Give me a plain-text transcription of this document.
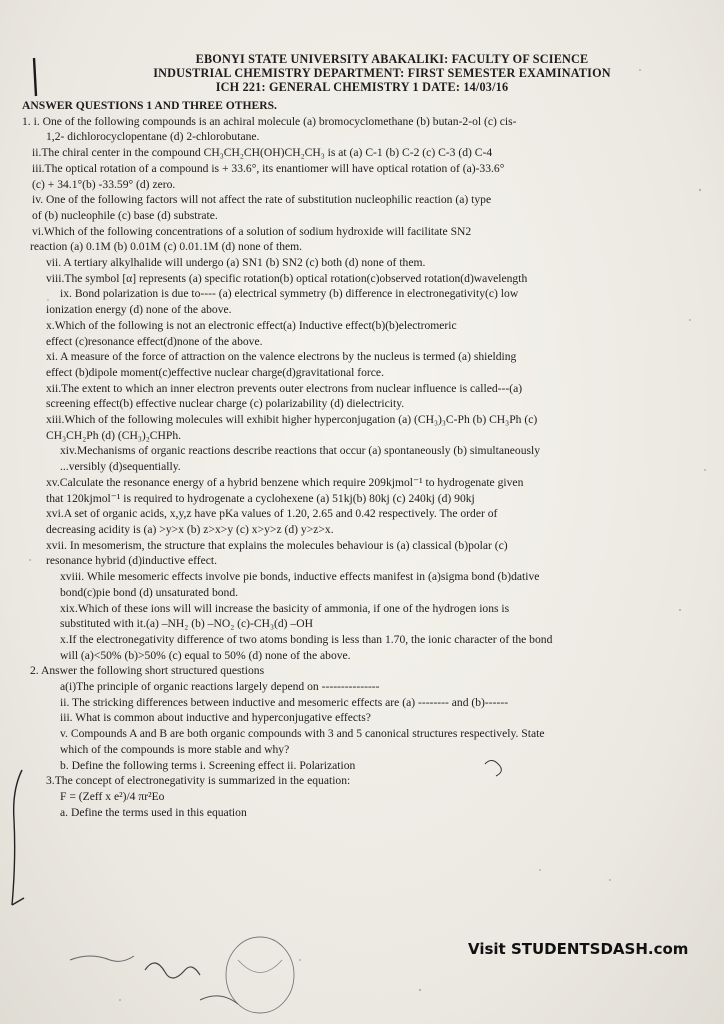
EBONYI STATE UNIVERSITY ABAKALIKI: FACULTY OF SCIENCE
INDUSTRIAL CHEMISTRY DEPARTMENT: FIRST SEMESTER EXAMINATION
ICH 221: GENERAL CHEMISTRY 1 DATE: 14/03/16

ANSWER QUESTIONS 1 AND THREE OTHERS.

1. i. One of the following compounds is an achiral molecule (a) bromocyclomethane (b) butan-2-ol (c) cis-

1,2- dichlorocyclopentane (d) 2-chlorobutane.

ii.The chiral center in the compound CH₃CH₂CH(OH)CH₂CH₃ is at (a) C-1 (b) C-2 (c) C-3 (d) C-4

iii.The optical rotation of a compound is + 33.6°, its enantiomer will have optical rotation of (a)-33.6°

(c) + 34.1°(b) -33.59° (d) zero.

iv. One of the following factors will not affect the rate of substitution nucleophilic reaction (a) type

of (b) nucleophile (c) base (d) substrate.

vi.Which of the following concentrations of a solution of sodium hydroxide will facilitate SN2

reaction (a) 0.1M (b) 0.01M (c) 0.01.1M (d) none of them.

vii. A tertiary alkylhalide will undergo (a) SN1 (b) SN2 (c) both (d) none of them.

viii.The symbol [α] represents (a) specific rotation(b) optical rotation(c)observed rotation(d)wavelength

ix. Bond polarization is due to---- (a) electrical symmetry (b) difference in electronegativity(c) low

ionization energy (d) none of the above.

x.Which of the following is not an electronic effect(a) Inductive effect(b)(b)electromeric

effect (c)resonance effect(d)none of the above.

xi. A measure of the force of attraction on the valence electrons by the nucleus is termed (a) shielding

effect (b)dipole moment(c)effective nuclear charge(d)gravitational force.

xii.The extent to which an inner electron prevents outer electrons from nuclear influence is called---(a)

screening effect(b) effective nuclear charge (c) polarizability (d) dielectricity.

xiii.Which of the following molecules will exhibit higher hyperconjugation (a) (CH₃)₃C-Ph (b) CH₃Ph (c)

CH₃CH₂Ph (d) (CH₃)₂CHPh.

xiv.Mechanisms of organic reactions describe reactions that occur (a) spontaneously (b) simultaneously

...versibly (d)sequentially.

xv.Calculate the resonance energy of a hybrid benzene which require 209kjmol⁻¹ to hydrogenate given

that 120kjmol⁻¹ is required to hydrogenate a cyclohexene (a) 51kj(b) 80kj (c) 240kj (d) 90kj

xvi.A set of organic acids, x,y,z have pKa values of 1.20, 2.65 and 0.42 respectively. The order of

decreasing acidity is (a) >y>x (b) z>x>y (c) x>y>z (d) y>z>x.

xvii. In mesomerism, the structure that explains the molecules behaviour is (a) classical (b)polar (c)

resonance hybrid (d)inductive effect.

xviii. While mesomeric effects involve pie bonds, inductive effects manifest in (a)sigma bond (b)dative

bond(c)pie bond (d) unsaturated bond.

xix.Which of these ions will will increase the basicity of ammonia, if one of the hydrogen ions is

substituted with it.(a) –NH₂ (b) –NO₂ (c)-CH₃(d) –OH

x.If the electronegativity difference of two atoms bonding is less than 1.70, the ionic character of the bond

will (a)<50% (b)>50% (c) equal to 50% (d) none of the above.

2. Answer the following short structured questions

a(i)The principle of organic reactions largely depend on ---------------

ii. The stricking differences between inductive and mesomeric effects are (a) -------- and (b)------

iii. What is common about inductive and hyperconjugative effects?

v. Compounds A and B are both organic compounds with 3 and 5 canonical structures respectively. State

which of the compounds is more stable and why?

b. Define the following terms i. Screening effect ii. Polarization

3.The concept of electronegativity is summarized in the equation:

F = (Zeff x e²)/4 πr²Eo

a. Define the terms used in this equation

Visit STUDENTSDASH.com
